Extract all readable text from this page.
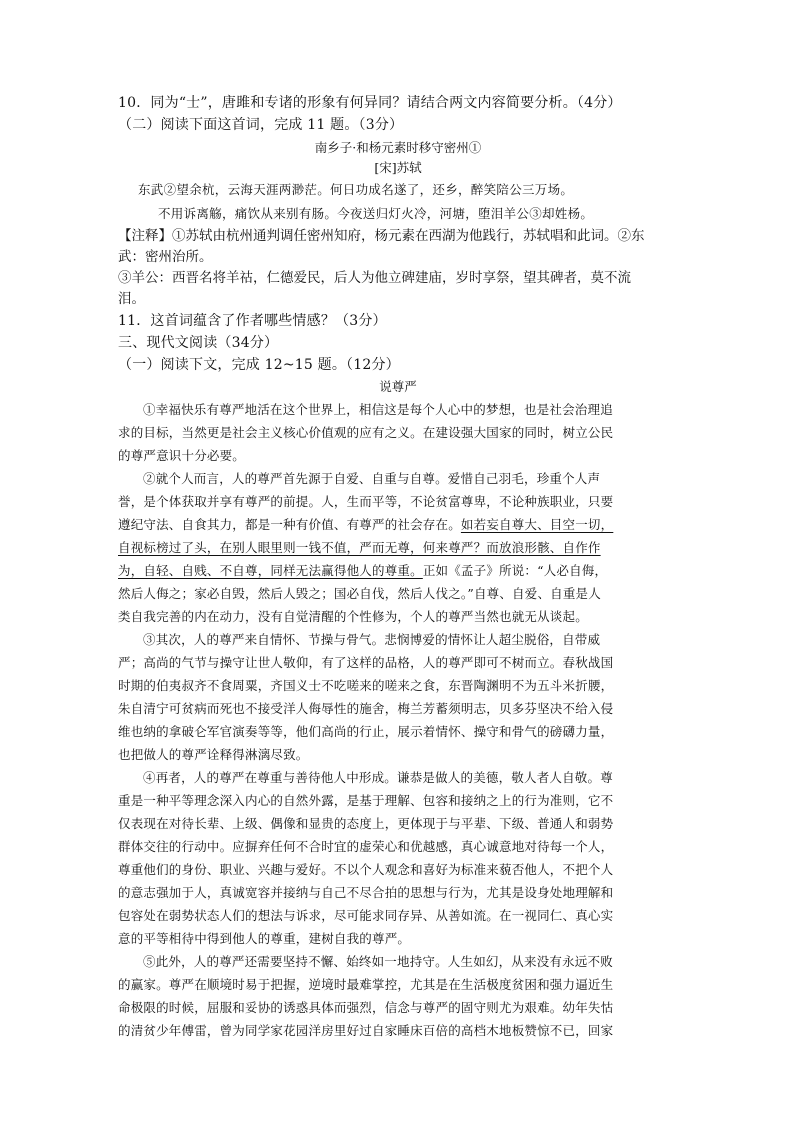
10．同为“士”，唐雎和专诸的形象有何异同？请结合两文内容简要分析。（4分）
（二）阅读下面这首词，完成 11 题。（3分）
南乡子·和杨元素时移守密州①
[宋]苏轼
东武②望余杭，云海天涯两渺茫。何日功成名遂了，还乡，醉笑陪公三万场。
不用诉离觞，痛饮从来别有肠。今夜送归灯火冷，河塘，堕泪羊公③却姓杨。
【注释】①苏轼由杭州通判调任密州知府，杨元素在西湖为他践行，苏轼唱和此词。②东
武：密州治所。
③羊公：西晋名将羊祜，仁德爱民，后人为他立碑建庙，岁时享祭，望其碑者，莫不流
泪。
11．这首词蕴含了作者哪些情感？（3分）
三、现代文阅读（34分）
（一）阅读下文，完成 12~15 题。（12分）
说尊严
①幸福快乐有尊严地活在这个世界上，相信这是每个人心中的梦想，也是社会治理追
求的目标，当然更是社会主义核心价值观的应有之义。在建设强大国家的同时，树立公民
的尊严意识十分必要。
②就个人而言，人的尊严首先源于自爱、自重与自尊。爱惜自己羽毛，珍重个人声
誉，是个体获取并享有尊严的前提。人，生而平等，不论贫富尊卑，不论种族职业，只要
遵纪守法、自食其力，都是一种有价值、有尊严的社会存在。如若妄自尊大、目空一切，
自视标榜过了头，在别人眼里则一钱不值，严而无尊，何来尊严？而放浪形骸、自作作
为，自轻、自贱、不自尊，同样无法赢得他人的尊重。正如《孟子》所说：“人必自侮，
然后人侮之；家必自毁，然后人毁之；国必自伐，然后人伐之。”自尊、自爱、自重是人
类自我完善的内在动力，没有自觉清醒的个性修为，个人的尊严当然也就无从谈起。
③其次，人的尊严来自情怀、节操与骨气。悲悯博爱的情怀让人超尘脱俗，自带威
严；高尚的气节与操守让世人敬仰，有了这样的品格，人的尊严即可不树而立。春秋战国
时期的伯夷叔齐不食周粟，齐国义士不吃嗟来的嗟来之食，东晋陶渊明不为五斗米折腰，
朱自清宁可贫病而死也不接受洋人侮辱性的施舍，梅兰芳蓄须明志，贝多芬坚决不给入侵
维也纳的拿破仑军官演奏等等，他们高尚的行止，展示着情怀、操守和骨气的磅礴力量，
也把做人的尊严诠释得淋漓尽致。
④再者，人的尊严在尊重与善待他人中形成。谦恭是做人的美德，敬人者人自敬。尊
重是一种平等理念深入内心的自然外露，是基于理解、包容和接纳之上的行为准则，它不
仅表现在对待长辈、上级、偶像和显贵的态度上，更体现于与平辈、下级、普通人和弱势
群体交往的行动中。应摒弃任何不合时宜的虚荣心和优越感，真心诚意地对待每一个人，
尊重他们的身份、职业、兴趣与爱好。不以个人观念和喜好为标准来藐否他人，不把个人
的意志强加于人，真诚宽容并接纳与自己不尽合拍的思想与行为，尤其是设身处地理解和
包容处在弱势状态人们的想法与诉求，尽可能求同存异、从善如流。在一视同仁、真心实
意的平等相待中得到他人的尊重，建树自我的尊严。
⑤此外，人的尊严还需要坚持不懈、始终如一地持守。人生如幻，从来没有永远不败
的赢家。尊严在顺境时易于把握，逆境时最难掌控，尤其是在生活极度贫困和强力逼近生
命极限的时候，屈服和妥协的诱惑具体而强烈，信念与尊严的固守则尤为艰难。幼年失怙
的清贫少年傅雷，曾为同学家花园洋房里好过自家睡床百倍的高档木地板赞惊不已，回家
